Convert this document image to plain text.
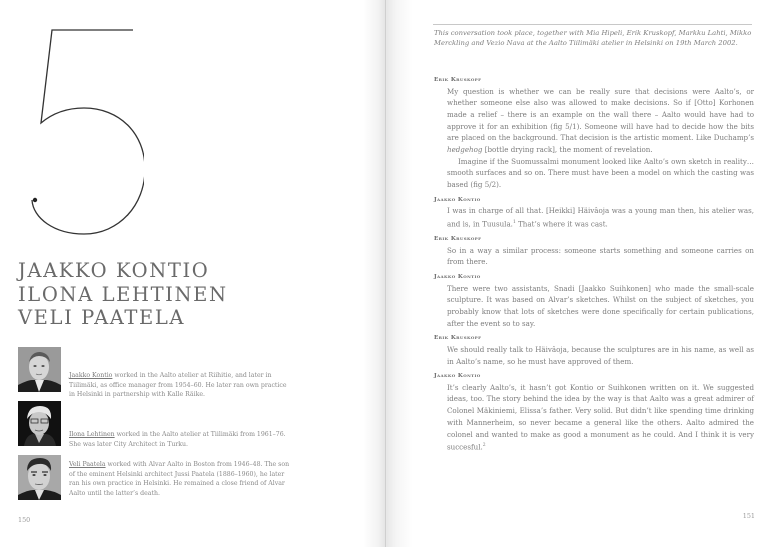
JAAKKO KONTIO
ILONA LEHTINEN
VELI PAATELA
Jaakko Kontio worked in the Aalto atelier at Riihitie, and later in Tiilimäki, as office manager from 1954–60. He later ran own practice in Helsinki in partnership with Kalle Räike.
Ilona Lehtinen worked in the Aalto atelier at Tiilimäki from 1961–76. She was later City Architect in Turku.
Veli Paatela worked with Alvar Aalto in Boston from 1946–48. The son of the eminent Helsinki architect Jussi Paatela (1886–1960), he later ran his own practice in Helsinki. He remained a close friend of Alvar Aalto until the latter’s death.
150
This conversation took place, together with Mia Hipeli, Erik Kruskopf, Markku Lahti, Mikko Merckling and Vezio Nava at the Aalto Tiilimäki atelier in Helsinki on 19th March 2002.
Erik Kruskopf

My question is whether we can be really sure that decisions were Aalto’s, or whether someone else also was allowed to make decisions. So if [Otto] Korhonen made a relief – there is an example on the wall there – Aalto would have had to approve it for an exhibition (fig 5/1). Someone will have had to decide how the bits are placed on the background. That decision is the artistic moment. Like Duchamp’s hedgehog [bottle drying rack], the moment of revelation.

Imagine if the Suomussalmi monument looked like Aalto’s own sketch in reality… smooth surfaces and so on. There must have been a model on which the casting was based (fig 5/2).

Jaakko Kontio

I was in charge of all that. [Heikki] Häivâoja was a young man then, his atelier was, and is, in Tuusula.$^1$ That’s where it was cast.

Erik Kruskopf

So in a way a similar process: someone starts something and someone carries on from there.

Jaakko Kontio

There were two assistants, Snadi [Jaakko Suihkonen] who made the small-scale sculpture. It was based on Alvar’s sketches. Whilst on the subject of sketches, you probably know that lots of sketches were done specifically for certain publications, after the event so to say.

Erik Kruskopf

We should really talk to Häivâoja, because the sculptures are in his name, as well as in Aalto’s name, so he must have approved of them.

Jaakko Kontio

It’s clearly Aalto’s, it hasn’t got Kontio or Suihkonen written on it. We suggested ideas, too. The story behind the idea by the way is that Aalto was a great admirer of Colonel Mäkiniemi, Elissa’s father. Very solid. But didn’t like spending time drinking with Mannerheim, so never became a general like the others. Aalto admired the colonel and wanted to make as good a monument as he could. And I think it is very succesful.$^2$

151
